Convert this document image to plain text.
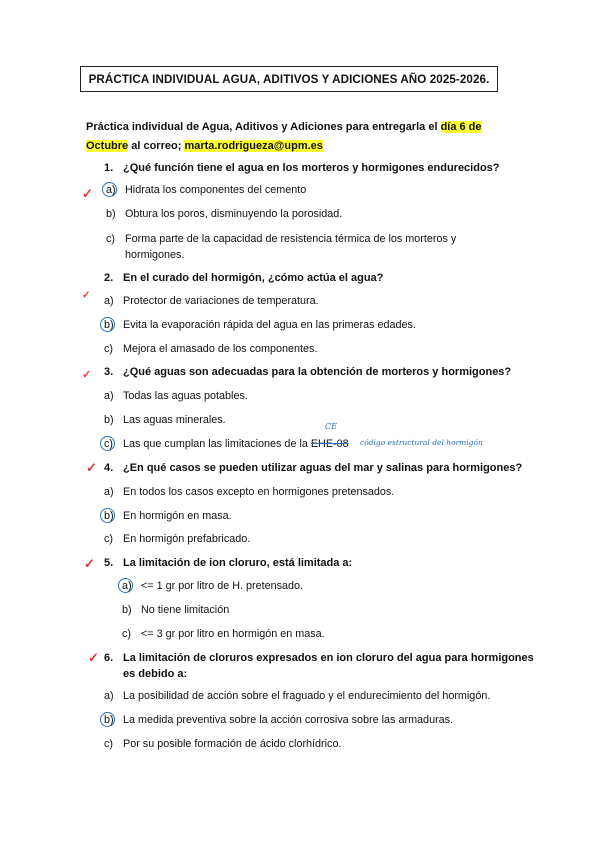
PRÁCTICA INDIVIDUAL AGUA, ADITIVOS Y ADICIONES AÑO 2025-2026.
Práctica individual de Agua, Aditivos y Adiciones para entregarla el día 6 de
Octubre al correo; marta.rodrigueza@upm.es
1. ¿Qué función tiene el agua en los morteros y hormigones endurecidos?
✓ a) Hidrata los componentes del cemento
b) Obtura los poros, disminuyendo la porosidad.
c) Forma parte de la capacidad de resistencia térmica de los morteros y
hormigones.
2. En el curado del hormigón, ¿cómo actúa el agua?
✓ a) Protector de variaciones de temperatura.
b) Evita la evaporación rápida del agua en las primeras edades.
c) Mejora el amasado de los componentes.
✓ 3. ¿Qué aguas son adecuadas para la obtención de morteros y hormigones?
a) Todas las aguas potables.
b) Las aguas minerales.
CE
c) Las que cumplan las limitaciones de la EHE-08 código estructural del hormigón
✓ 4. ¿En qué casos se pueden utilizar aguas del mar y salinas para hormigones?
a) En todos los casos excepto en hormigones pretensados.
b) En hormigón en masa.
c) En hormigón prefabricado.
✓ 5. La limitación de ion cloruro, está limitada a:
a) <= 1 gr por litro de H. pretensado.
b) No tiene limitación
c) <= 3 gr por litro en hormigón en masa.
✓ 6. La limitación de cloruros expresados en ion cloruro del agua para hormigones
es debido a:
a) La posibilidad de acción sobre el fraguado y el endurecimiento del hormigón.
b) La medida preventiva sobre la acción corrosiva sobre las armaduras.
c) Por su posible formación de ácido clorhídrico.
